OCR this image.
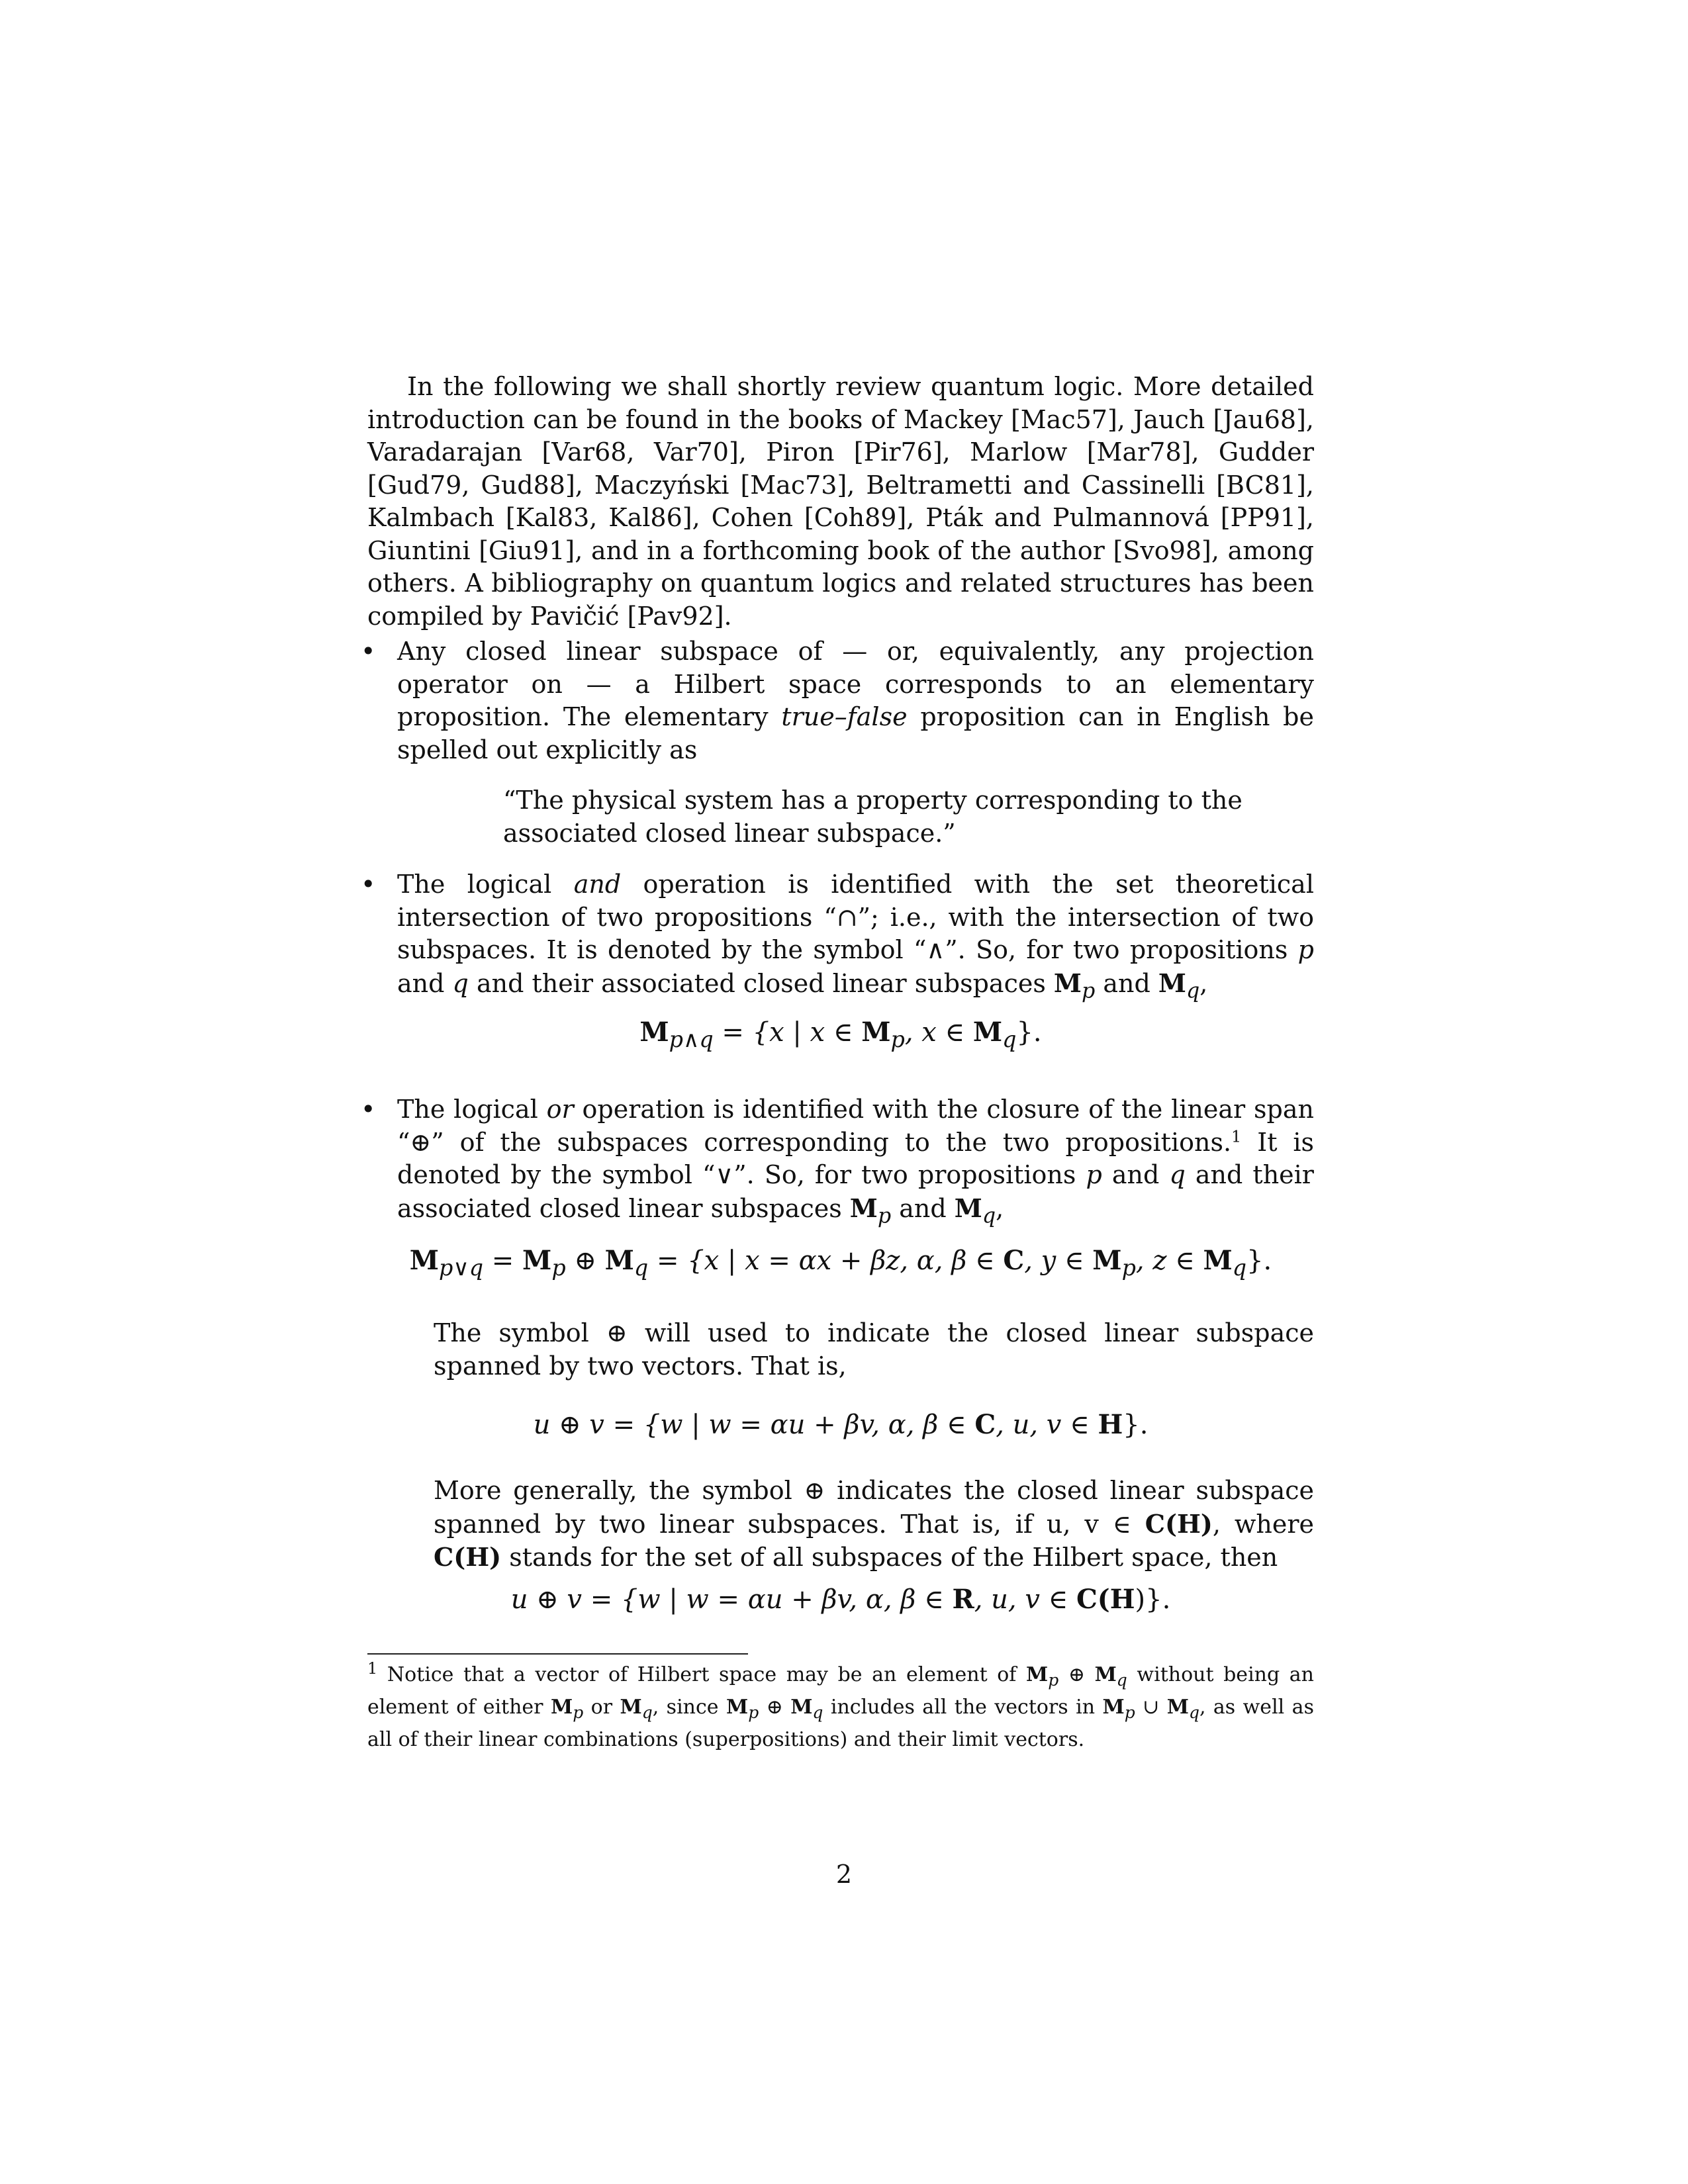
In the following we shall shortly review quantum logic. More detailed introduction can be found in the books of Mackey [Mac57], Jauch [Jau68], Varadarajan [Var68, Var70], Piron [Pir76], Marlow [Mar78], Gudder [Gud79, Gud88], Maczyński [Mac73], Beltrametti and Cassinelli [BC81], Kalmbach [Kal83, Kal86], Cohen [Coh89], Pták and Pulmannová [PP91], Giuntini [Giu91], and in a forthcoming book of the author [Svo98], among others. A bibliography on quantum logics and related structures has been compiled by Pavičić [Pav92].
• Any closed linear subspace of — or, equivalently, any projection operator on — a Hilbert space corresponds to an elementary proposition. The elementary true–false proposition can in English be spelled out explicitly as
“The physical system has a property corresponding to the associated closed linear subspace.”
• The logical and operation is identified with the set theoretical intersection of two propositions “∩”; i.e., with the intersection of two subspaces. It is denoted by the symbol “∧”. So, for two propositions p and q and their associated closed linear subspaces $M_p$ and $M_q$,
$M_{p\wedge q} = \{x$ | x ∈ $M_p$, x ∈ $M_q$}.
• The logical or operation is identified with the closure of the linear span “⊕” of the subspaces corresponding to the two propositions.$^1$ It is denoted by the symbol “∨”. So, for two propositions p and q and their associated closed linear subspaces $M_p$ and $M_q$,
$M_{p\vee q} = M_p$ ⊕ $M_q = \{x$ | x = αx + βz, α, β ∈ C, y ∈ $M_p$, z ∈ $M_q$}.
The symbol ⊕ will used to indicate the closed linear subspace spanned by two vectors. That is,
u ⊕ v = {w | w = αu + βv, α, β ∈ C, u, v ∈ H}.
More generally, the symbol ⊕ indicates the closed linear subspace spanned by two linear subspaces. That is, if u, v ∈ C(H), where C(H) stands for the set of all subspaces of the Hilbert space, then
u ⊕ v = {w | w = αu + βv, α, β ∈ R, u, v ∈ C(H)}.
$^1$ Notice that a vector of Hilbert space may be an element of $M_p$ ⊕ $M_q$ without being an element of either $M_p$ or $M_q$, since $M_p$ ⊕ $M_q$ includes all the vectors in $M_p$ ∪ $M_q$, as well as all of their linear combinations (superpositions) and their limit vectors.
2
